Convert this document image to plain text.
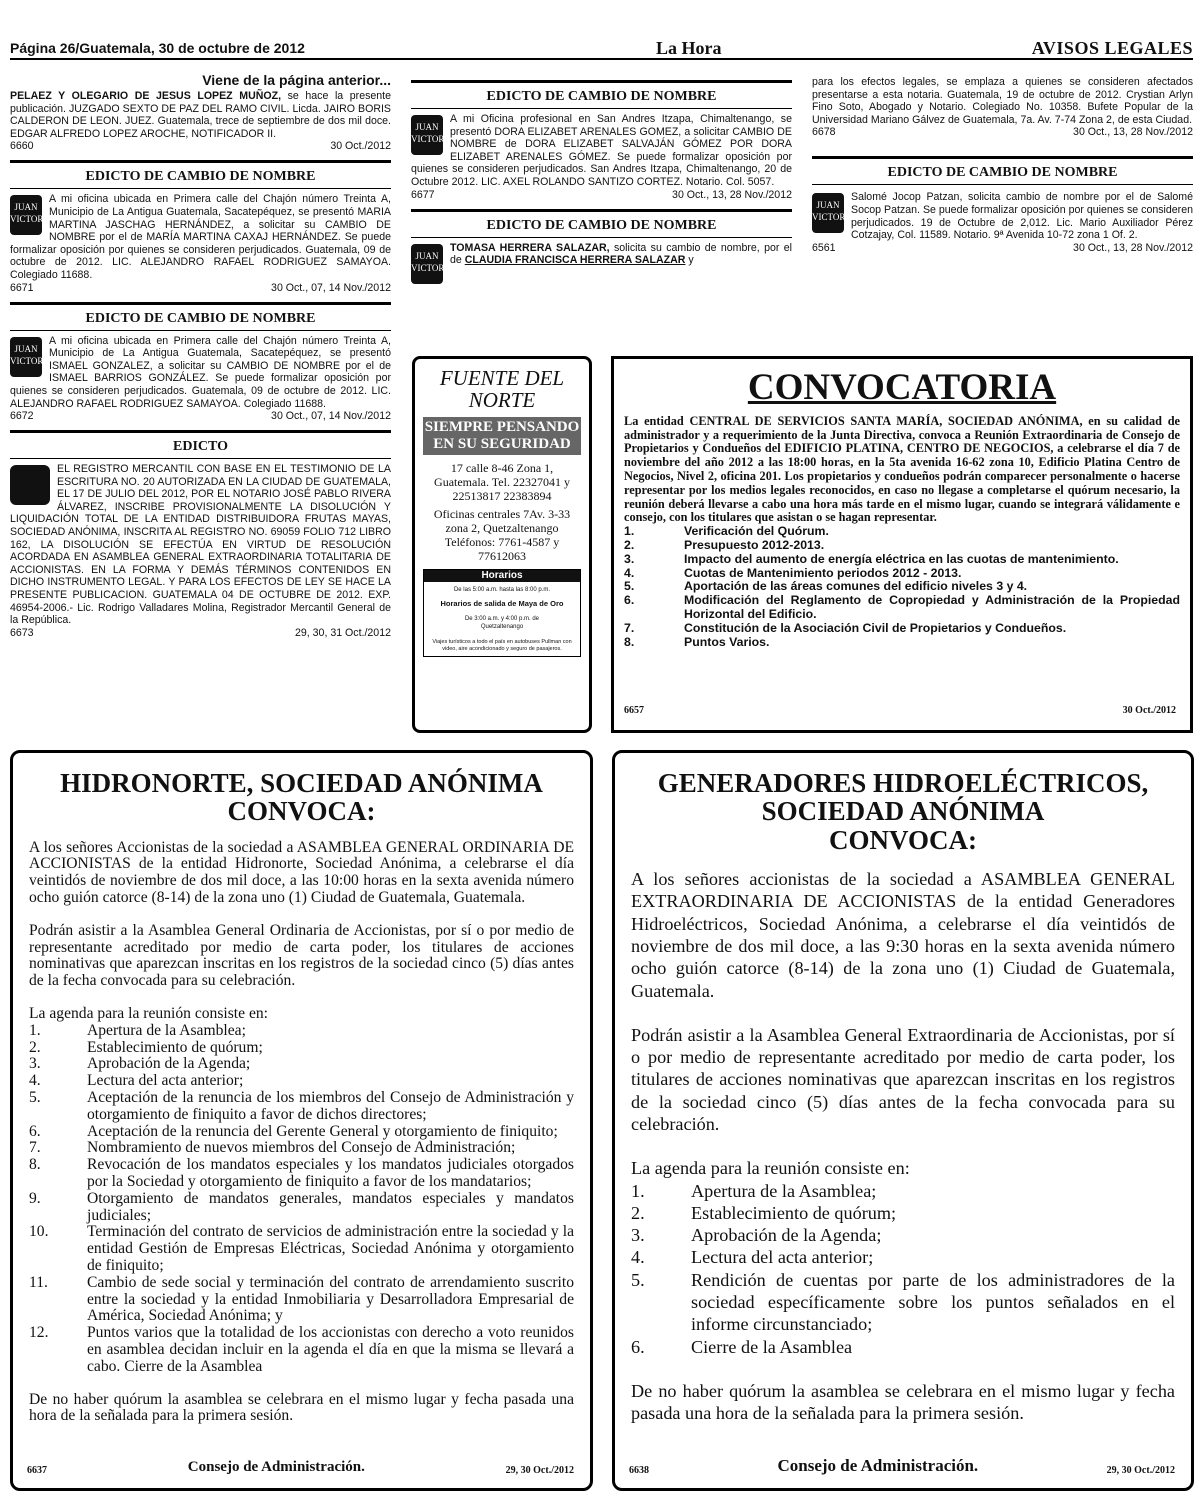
Página 26/Guatemala, 30 de octubre de 2012	La Hora	AVISOS LEGALES
Viene de la página anterior...
PELAEZ Y OLEGARIO DE JESUS LOPEZ MUÑOZ, se hace la presente publicación. JUZGADO SEXTO DE PAZ DEL RAMO CIVIL. Licda. JAIRO BORIS CALDERON DE LEON. JUEZ. Guatemala, trece de septiembre de dos mil doce. EDGAR ALFREDO LOPEZ AROCHE, NOTIFICADOR II.
6660	30 Oct./2012
EDICTO DE CAMBIO DE NOMBRE
JUAN VICTOR
A mi oficina ubicada en Primera calle del Chajón número Treinta A, Municipio de La Antigua Guatemala, Sacatepéquez, se presentó MARIA MARTINA JASCHAG HERNÁNDEZ, a solicitar su CAMBIO DE NOMBRE por el de MARÍA MARTINA CAXAJ HERNÁNDEZ. Se puede formalizar oposición por quienes se consideren perjudicados. Guatemala, 09 de octubre de 2012. LIC. ALEJANDRO RAFAEL RODRIGUEZ SAMAYOA. Colegiado 11688.
6671	30 Oct., 07, 14 Nov./2012
EDICTO DE CAMBIO DE NOMBRE
JUAN VICTOR
A mi oficina ubicada en Primera calle del Chajón número Treinta A, Municipio de La Antigua Guatemala, Sacatepéquez, se presentó ISMAEL GONZALEZ, a solicitar su CAMBIO DE NOMBRE por el de ISMAEL BARRIOS GONZÁLEZ. Se puede formalizar oposición por quienes se consideren perjudicados. Guatemala, 09 de octubre de 2012. LIC. ALEJANDRO RAFAEL RODRIGUEZ SAMAYOA. Colegiado 11688.
6672	30 Oct., 07, 14 Nov./2012
EDICTO
EL REGISTRO MERCANTIL CON BASE EN EL TESTIMONIO DE LA ESCRITURA NO. 20 AUTORIZADA EN LA CIUDAD DE GUATEMALA, EL 17 DE JULIO DEL 2012, POR EL NOTARIO JOSÉ PABLO RIVERA ÁLVAREZ, INSCRIBE PROVISIONALMENTE LA DISOLUCIÓN Y LIQUIDACIÓN TOTAL DE LA ENTIDAD DISTRIBUIDORA FRUTAS MAYAS, SOCIEDAD ANÓNIMA, INSCRITA AL REGISTRO NO. 69059 FOLIO 712 LIBRO 162, LA DISOLUCIÓN SE EFECTÚA EN VIRTUD DE RESOLUCIÓN ACORDADA EN ASAMBLEA GENERAL EXTRAORDINARIA TOTALITARIA DE ACCIONISTAS. EN LA FORMA Y DEMÁS TÉRMINOS CONTENIDOS EN DICHO INSTRUMENTO LEGAL. Y PARA LOS EFECTOS DE LEY SE HACE LA PRESENTE PUBLICACION. GUATEMALA 04 DE OCTUBRE DE 2012. EXP. 46954-2006.- Lic. Rodrigo Valladares Molina, Registrador Mercantil General de la República.
6673	29, 30, 31 Oct./2012
EDICTO DE CAMBIO DE NOMBRE
JUAN VICTOR
A mi Oficina profesional en San Andres Itzapa, Chimaltenango, se presentó DORA ELIZABET ARENALES GOMEZ, a solicitar CAMBIO DE NOMBRE de DORA ELIZABET SALVAJÁN GÓMEZ POR DORA ELIZABET ARENALES GÓMEZ. Se puede formalizar oposición por quienes se consideren perjudicados. San Andres Itzapa, Chimaltenango, 20 de Octubre 2012. LIC. AXEL ROLANDO SANTIZO CORTEZ. Notario. Col. 5057.
6677	30 Oct., 13, 28 Nov./2012
EDICTO DE CAMBIO DE NOMBRE
JUAN VICTOR
TOMASA HERRERA SALAZAR, solicita su cambio de nombre, por el de CLAUDIA FRANCISCA HERRERA SALAZAR y
para los efectos legales, se emplaza a quienes se consideren afectados presentarse a esta notaria. Guatemala, 19 de octubre de 2012. Crystian Arlyn Fino Soto, Abogado y Notario. Colegiado No. 10358. Bufete Popular de la Universidad Mariano Gálvez de Guatemala, 7a. Av. 7-74 Zona 2, de esta Ciudad.
6678	30 Oct., 13, 28 Nov./2012
EDICTO DE CAMBIO DE NOMBRE
JUAN VICTOR
Salomé Jocop Patzan, solicita cambio de nombre por el de Salomé Socop Patzan. Se puede formalizar oposición por quienes se consideren perjudicados. 19 de Octubre de 2,012. Lic. Mario Auxiliador Pérez Cotzajay, Col. 11589. Notario. 9ª Avenida 10-72 zona 1 Of. 2.
6561	30 Oct., 13, 28 Nov./2012
FUENTE DEL
NORTE
SIEMPRE PENSANDO
EN SU SEGURIDAD
17 calle 8-46 Zona 1, Guatemala. Tel. 22327041 y 22513817 22383894
Oficinas centrales 7Av. 3-33 zona 2, Quetzaltenango Teléfonos: 7761-4587 y 77612063
Horarios
De las 5:00 a.m. hasta las 8:00 p.m.
Horarios de salida de Maya de Oro
De 3:00 a.m. y 4:00 p.m. de Quetzaltenango
Viajes turísticos a todo el país en autobuses Pullman con video, aire acondicionado y seguro de pasajeros.
CONVOCATORIA
La entidad CENTRAL DE SERVICIOS SANTA MARÍA, SOCIEDAD ANÓNIMA, en su calidad de administrador y a requerimiento de la Junta Directiva, convoca a Reunión Extraordinaria de Consejo de Propietarios y Condueños del EDIFICIO PLATINA, CENTRO DE NEGOCIOS, a celebrarse el día 7 de noviembre del año 2012 a las 18:00 horas, en la 5ta avenida 16-62 zona 10, Edificio Platina Centro de Negocios, Nivel 2, oficina 201. Los propietarios y condueños podrán comparecer personalmente o hacerse representar por los medios legales reconocidos, en caso no llegase a completarse el quórum necesario, la reunión deberá llevarse a cabo una hora más tarde en el mismo lugar, cuando se integrará válidamente e consejo, con los titulares que asistan o se hagan representar.
1.	Verificación del Quórum.
2.	Presupuesto 2012-2013.
3.	Impacto del aumento de energía eléctrica en las cuotas de mantenimiento.
4.	Cuotas de Mantenimiento periodos 2012 - 2013.
5.	Aportación de las áreas comunes del edificio niveles 3 y 4.
6.	Modificación del Reglamento de Copropiedad y Administración de la Propiedad Horizontal del Edificio.
7.	Constitución de la Asociación Civil de Propietarios y Condueños.
8.	Puntos Varios.
6657	30 Oct./2012
HIDRONORTE, SOCIEDAD ANÓNIMA
CONVOCA:
A los señores Accionistas de la sociedad a ASAMBLEA GENERAL ORDINARIA DE ACCIONISTAS de la entidad Hidronorte, Sociedad Anónima, a celebrarse el día veintidós de noviembre de dos mil doce, a las 10:00 horas en la sexta avenida número ocho guión catorce (8-14) de la zona uno (1) Ciudad de Guatemala, Guatemala.
Podrán asistir a la Asamblea General Ordinaria de Accionistas, por sí o por medio de representante acreditado por medio de carta poder, los titulares de acciones nominativas que aparezcan inscritas en los registros de la sociedad cinco (5) días antes de la fecha convocada para su celebración.
La agenda para la reunión consiste en:
1.	Apertura de la Asamblea;
2.	Establecimiento de quórum;
3.	Aprobación de la Agenda;
4.	Lectura del acta anterior;
5.	Aceptación de la renuncia de los miembros del Consejo de Administración y otorgamiento de finiquito a favor de dichos directores;
6.	Aceptación de la renuncia del Gerente General y otorgamiento de finiquito;
7.	Nombramiento de nuevos miembros del Consejo de Administración;
8.	Revocación de los mandatos especiales y los mandatos judiciales otorgados por la Sociedad y otorgamiento de finiquito a favor de los mandatarios;
9.	Otorgamiento de mandatos generales, mandatos especiales y mandatos judiciales;
10.	Terminación del contrato de servicios de administración entre la sociedad y la entidad Gestión de Empresas Eléctricas, Sociedad Anónima y otorgamiento de finiquito;
11.	Cambio de sede social y terminación del contrato de arrendamiento suscrito entre la sociedad y la entidad Inmobiliaria y Desarrolladora Empresarial de América, Sociedad Anónima; y
12.	Puntos varios que la totalidad de los accionistas con derecho a voto reunidos en asamblea decidan incluir en la agenda el día en que la misma se llevará a cabo. Cierre de la Asamblea
De no haber quórum la asamblea se celebrara en el mismo lugar y fecha pasada una hora de la señalada para la primera sesión.
6637	Consejo de Administración.	29, 30 Oct./2012
GENERADORES HIDROELÉCTRICOS,
SOCIEDAD ANÓNIMA
CONVOCA:
A los señores accionistas de la sociedad a ASAMBLEA GENERAL EXTRAORDINARIA DE ACCIONISTAS de la entidad Generadores Hidroeléctricos, Sociedad Anónima, a celebrarse el día veintidós de noviembre de dos mil doce, a las 9:30 horas en la sexta avenida número ocho guión catorce (8-14) de la zona uno (1) Ciudad de Guatemala, Guatemala.
Podrán asistir a la Asamblea General Extraordinaria de Accionistas, por sí o por medio de representante acreditado por medio de carta poder, los titulares de acciones nominativas que aparezcan inscritas en los registros de la sociedad cinco (5) días antes de la fecha convocada para su celebración.
La agenda para la reunión consiste en:
1.	Apertura de la Asamblea;
2.	Establecimiento de quórum;
3.	Aprobación de la Agenda;
4.	Lectura del acta anterior;
5.	Rendición de cuentas por parte de los administradores de la sociedad específicamente sobre los puntos señalados en el informe circunstanciado;
6.	Cierre de la Asamblea
De no haber quórum la asamblea se celebrara en el mismo lugar y fecha pasada una hora de la señalada para la primera sesión.
6638	Consejo de Administración.	29, 30 Oct./2012
